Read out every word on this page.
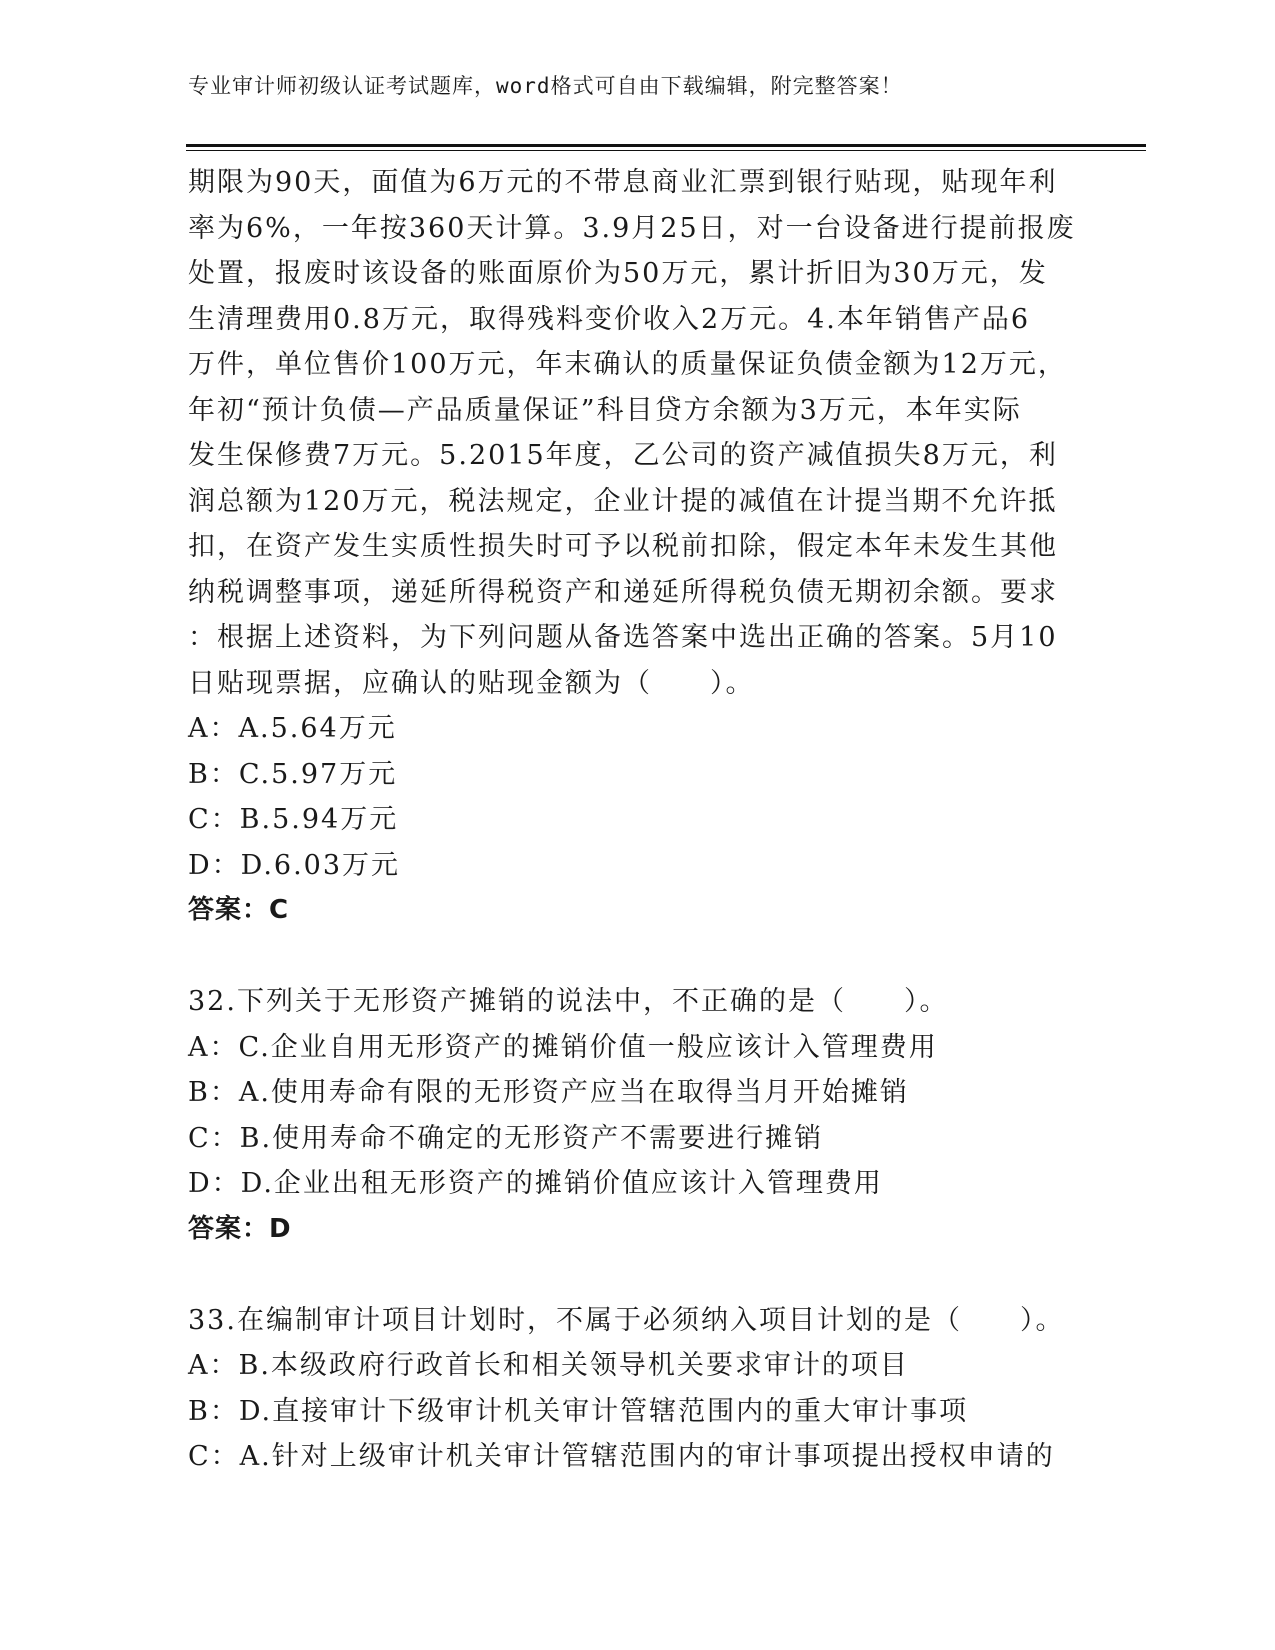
专业审计师初级认证考试题库，word格式可自由下载编辑，附完整答案！
期限为90天，面值为6万元的不带息商业汇票到银行贴现，贴现年利
率为6%，一年按360天计算。3.9月25日，对一台设备进行提前报废
处置，报废时该设备的账面原价为50万元，累计折旧为30万元，发
生清理费用0.8万元，取得残料变价收入2万元。4.本年销售产品6
万件，单位售价100万元，年末确认的质量保证负债金额为12万元，
年初“预计负债—产品质量保证”科目贷方余额为3万元，本年实际
发生保修费7万元。5.2015年度，乙公司的资产减值损失8万元，利
润总额为120万元，税法规定，企业计提的减值在计提当期不允许抵
扣，在资产发生实质性损失时可予以税前扣除，假定本年未发生其他
纳税调整事项，递延所得税资产和递延所得税负债无期初余额。要求
：根据上述资料，为下列问题从备选答案中选出正确的答案。5月10
日贴现票据，应确认的贴现金额为（　　）。
A：A.5.64万元
B：C.5.97万元
C：B.5.94万元
D：D.6.03万元
答案：C
32.下列关于无形资产摊销的说法中，不正确的是（　　）。
A：C.企业自用无形资产的摊销价值一般应该计入管理费用
B：A.使用寿命有限的无形资产应当在取得当月开始摊销
C：B.使用寿命不确定的无形资产不需要进行摊销
D：D.企业出租无形资产的摊销价值应该计入管理费用
答案：D
33.在编制审计项目计划时，不属于必须纳入项目计划的是（　　）。
A：B.本级政府行政首长和相关领导机关要求审计的项目
B：D.直接审计下级审计机关审计管辖范围内的重大审计事项
C：A.针对上级审计机关审计管辖范围内的审计事项提出授权申请的
